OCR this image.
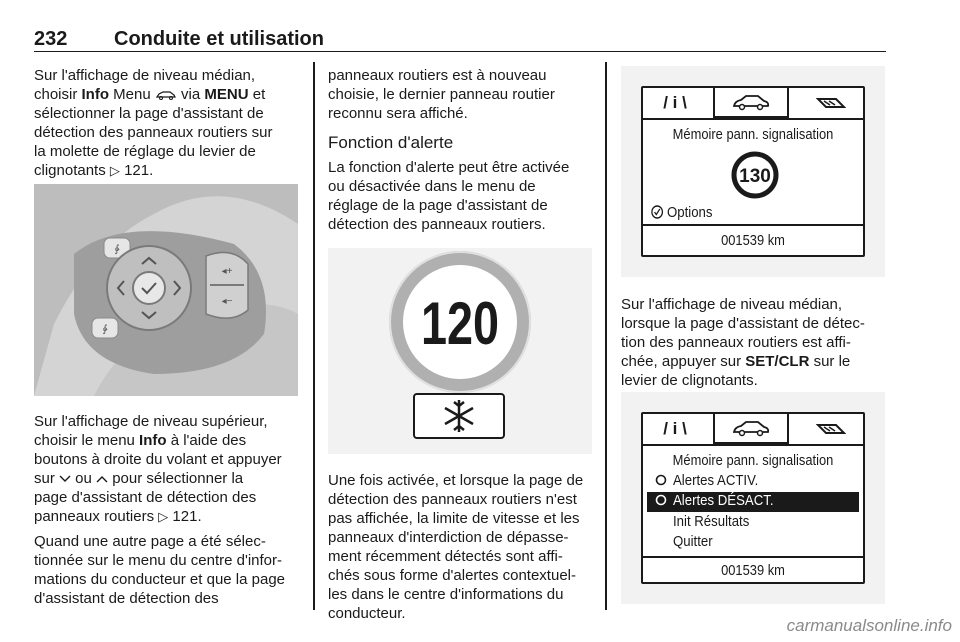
232 Conduite et utilisation

Sur l'affichage de niveau médian,
choisir Info Menu  via MENU et
sélectionner la page d'assistant de
détection des panneaux routiers sur
la molette de réglage du levier de
clignotants ▷ 121.

∳
∳
◂+
◂−

Sur l'affichage de niveau supérieur,
choisir le menu Info à l'aide des
boutons à droite du volant et appuyer
sur  ou  pour sélectionner la
page d'assistant de détection des
panneaux routiers ▷ 121.

Quand une autre page a été sélec-
tionnée sur le menu du centre d'infor-
mations du conducteur et que la page
d'assistant de détection des

panneaux routiers est à nouveau
choisie, le dernier panneau routier
reconnu sera affiché.

Fonction d'alerte

La fonction d'alerte peut être activée
ou désactivée dans le menu de
réglage de la page d'assistant de
détection des panneaux routiers.

120

Une fois activée, et lorsque la page de
détection des panneaux routiers n'est
pas affichée, la limite de vitesse et les
panneaux d'interdiction de dépasse-
ment récemment détectés sont affi-
chés sous forme d'alertes contextuel-
les dans le centre d'informations du
conducteur.

/ i \
Mémoire pann. signalisation
130
Options
001539 km

Sur l'affichage de niveau médian,
lorsque la page d'assistant de détec-
tion des panneaux routiers est affi-
chée, appuyer sur SET/CLR sur le
levier de clignotants.

/ i \
Mémoire pann. signalisation
Alertes ACTIV.
Alertes DÉSACT.
Init Résultats
Quitter
001539 km
carmanualsonline.info
